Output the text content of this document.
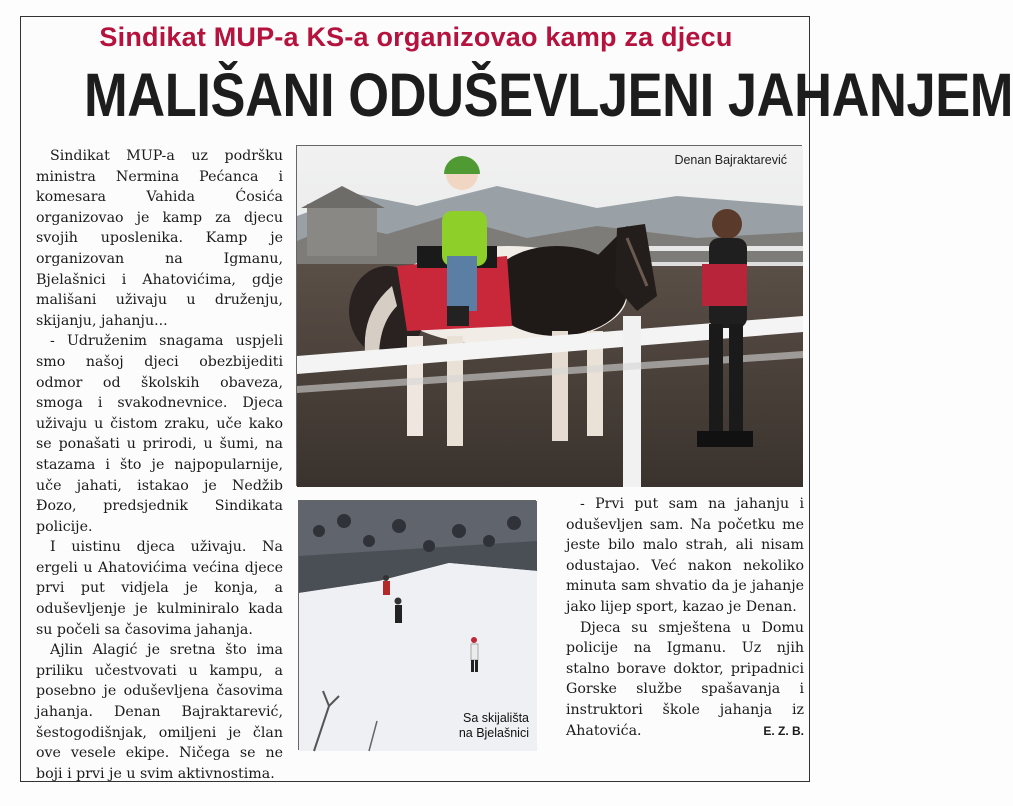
Sindikat MUP-a KS-a organizovao kamp za djecu
MALIŠANI ODUŠEVLJENI JAHANJEM

Sindikat MUP-a uz podršku ministra Nermina Pećanca i komesara Vahida Ćosića organizovao je kamp za djecu svojih uposlenika. Kamp je organizovan na Igmanu, Bjelašnici i Ahatovićima, gdje mališani uživaju u druženju, skijanju, jahanju...

- Udruženim snagama uspjeli smo našoj djeci obezbijediti odmor od školskih obaveza, smoga i svakodnevnice. Djeca uživaju u čistom zraku, uče kako se ponašati u prirodi, u šumi, na stazama i što je najpopularnije, uče jahati, istakao je Nedžib Đozo, predsjednik Sindikata policije.

I uistinu djeca uživaju. Na ergeli u Ahatovićima većina djece prvi put vidjela je konja, a oduševljenje je kulminiralo kada su počeli sa časovima jahanja.

Ajlin Alagić je sretna što ima priliku učestvovati u kampu, a posebno je oduševljena časovima jahanja. Denan Bajraktarević, šestogodišnjak, omiljeni je član ove vesele ekipe. Ničega se ne boji i prvi je u svim aktivnostima.

Denan Bajraktarević
Sa skijališta
na Bjelašnici

- Prvi put sam na jahanju i oduševljen sam. Na početku me jeste bilo malo strah, ali nisam odustajao. Već nakon nekoliko minuta sam shvatio da je jahanje jako lijep sport, kazao je Denan.

Djeca su smještena u Domu policije na Igmanu. Uz njih stalno borave doktor, pripadnici Gorske službe spašavanja i instruktori škole jahanja iz Ahatovića.	E. Z. B.
